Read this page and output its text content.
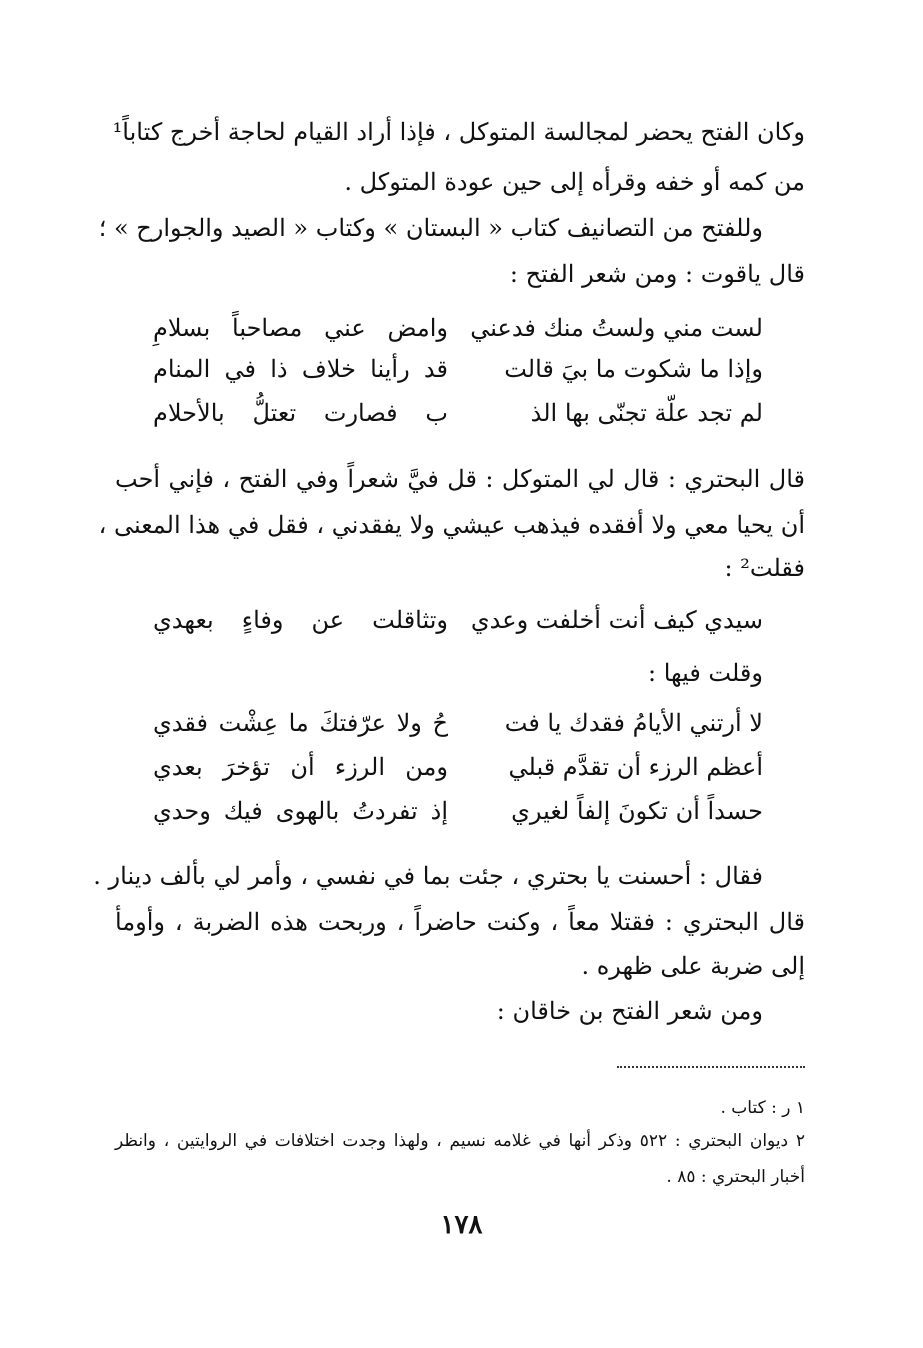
وكان الفتح يحضر لمجالسة المتوكل ، فإذا أراد القيام لحاجة أخرج كتاباً¹
من كمه أو خفه وقرأه إلى حين عودة المتوكل .
وللفتح من التصانيف كتاب « البستان » وكتاب « الصيد والجوارح » ؛
قال ياقوت : ومن شعر الفتح :
لست مني ولستُ منك فدعني
وامض عني مصاحباً بسلامِ
وإذا ما شكوت ما بيَ قالت
قد رأينا خلاف ذا في المنام
لم تجد علّة تجنّى بها الذ
ب فصارت تعتلُّ بالأحلام
قال البحتري : قال لي المتوكل : قل فيَّ شعراً وفي الفتح ، فإني أحب
أن يحيا معي ولا أفقده فيذهب عيشي ولا يفقدني ، فقل في هذا المعنى ،
فقلت² :
سيدي كيف أنت أخلفت وعدي
وتثاقلت عن وفاءٍ بعهدي
وقلت فيها :
لا أرتني الأيامُ فقدك يا فت
حُ ولا عرّفتكَ ما عِشْت فقدي
أعظم الرزء أن تقدَّم قبلي
ومن الرزء أن تؤخرَ بعدي
حسداً أن تكونَ إلفاً لغيري
إذ تفردتُ بالهوى فيك وحدي
فقال : أحسنت يا بحتري ، جئت بما في نفسي ، وأمر لي بألف دينار .
قال البحتري : فقتلا معاً ، وكنت حاضراً ، وربحت هذه الضربة ، وأومأ
إلى ضربة على ظهره .
ومن شعر الفتح بن خاقان :
١ ر : كتاب .
٢ ديوان البحتري : ٥٢٢ وذكر أنها في غلامه نسيم ، ولهذا وجدت اختلافات في الروايتين ، وانظر
أخبار البحتري : ٨٥ .
١٧٨
